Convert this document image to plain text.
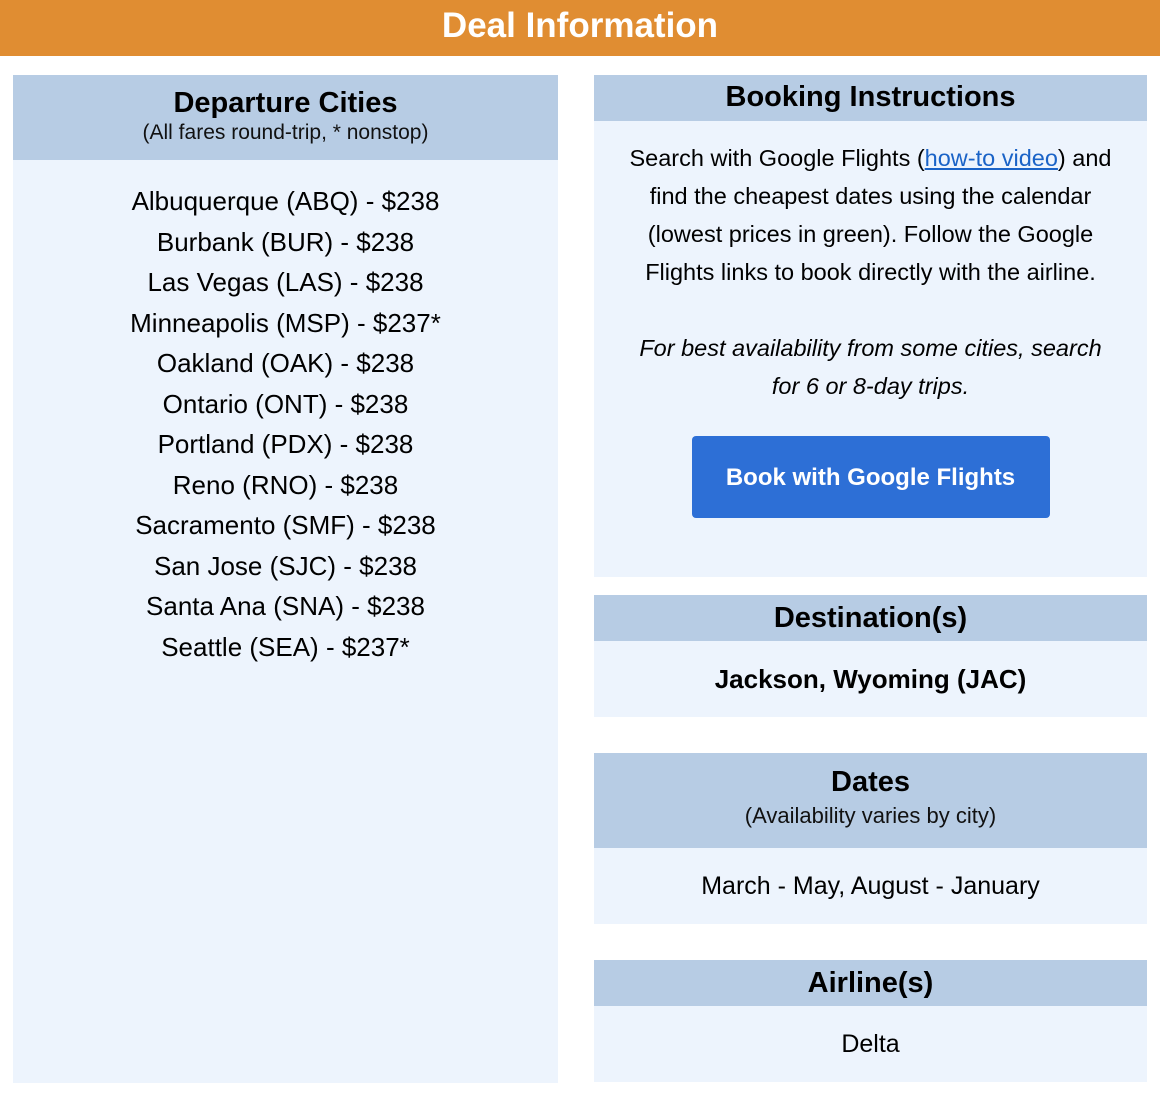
Deal Information
Departure Cities
(All fares round-trip, * nonstop)
Albuquerque (ABQ) - $238
Burbank (BUR) - $238
Las Vegas (LAS) - $238
Minneapolis (MSP) - $237*
Oakland (OAK) - $238
Ontario (ONT) - $238
Portland (PDX) - $238
Reno (RNO) - $238
Sacramento (SMF) - $238
San Jose (SJC) - $238
Santa Ana (SNA) - $238
Seattle (SEA) - $237*
Booking Instructions
Search with Google Flights (how-to video) and find the cheapest dates using the calendar (lowest prices in green). Follow the Google Flights links to book directly with the airline.
For best availability from some cities, search for 6 or 8-day trips.
Book with Google Flights
Destination(s)
Jackson, Wyoming (JAC)
Dates
(Availability varies by city)
March - May, August - January
Airline(s)
Delta
